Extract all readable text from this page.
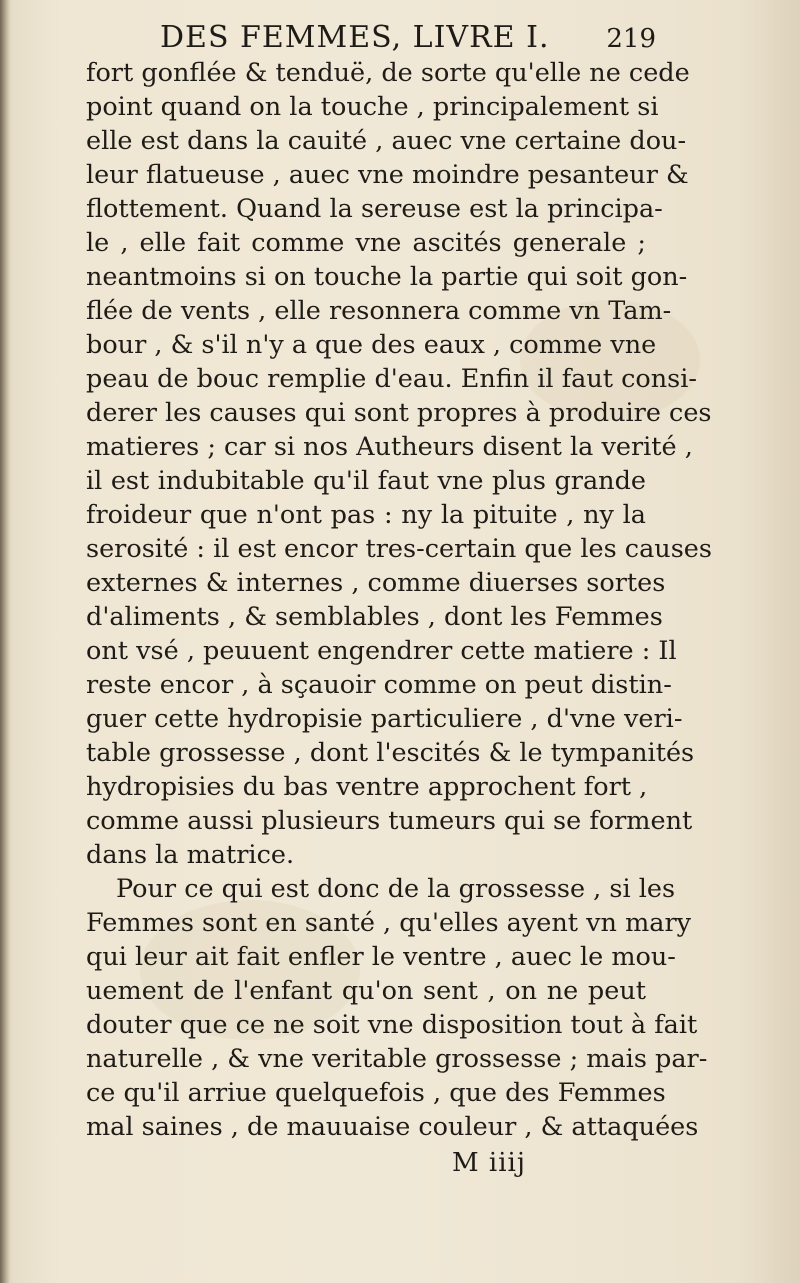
DES FEMMES, LIVRE I. 219
fort gonflée & tenduë, de sorte qu'elle ne cede
point quand on la touche , principalement si
elle est dans la cauité , auec vne certaine dou-
leur flatueuse , auec vne moindre pesanteur &
flottement. Quand la sereuse est la principa-
le , elle fait comme vne ascités generale ;
neantmoins si on touche la partie qui soit gon-
flée de vents , elle resonnera comme vn Tam-
bour , & s'il n'y a que des eaux , comme vne
peau de bouc remplie d'eau. Enfin il faut consi-
derer les causes qui sont propres à produire ces
matieres ; car si nos Autheurs disent la verité ,
il est indubitable qu'il faut vne plus grande
froideur que n'ont pas : ny la pituite , ny la
serosité : il est encor tres-certain que les causes
externes & internes , comme diuerses sortes
d'aliments , & semblables , dont les Femmes
ont vsé , peuuent engendrer cette matiere : Il
reste encor , à sçauoir comme on peut distin-
guer cette hydropisie particuliere , d'vne veri-
table grossesse , dont l'escités & le tympanités
hydropisies du bas ventre approchent fort ,
comme aussi plusieurs tumeurs qui se forment
dans la matrice.
Pour ce qui est donc de la grossesse , si les
Femmes sont en santé , qu'elles ayent vn mary
qui leur ait fait enfler le ventre , auec le mou-
uement de l'enfant qu'on sent , on ne peut
douter que ce ne soit vne disposition tout à fait
naturelle , & vne veritable grossesse ; mais par-
ce qu'il arriue quelquefois , que des Femmes
mal saines , de mauuaise couleur , & attaquées
M iiij
